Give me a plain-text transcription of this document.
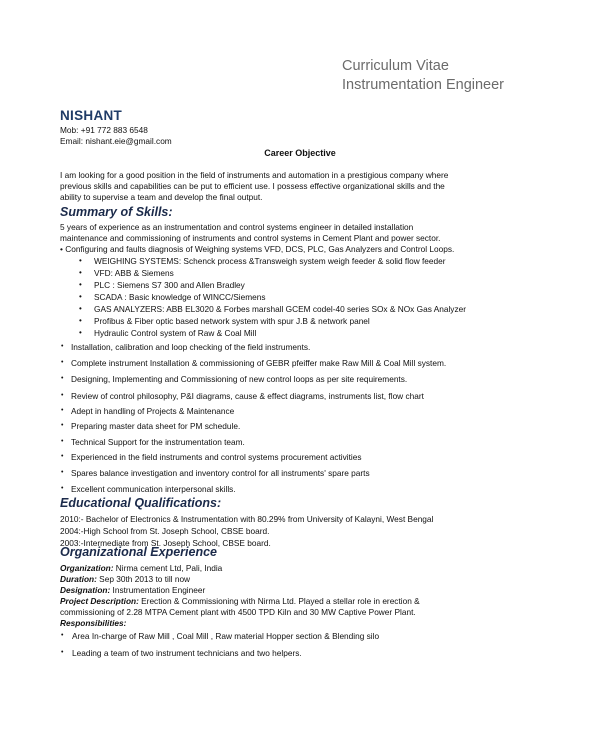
Curriculum Vitae
Instrumentation Engineer
NISHANT
Mob: +91 772 883 6548
Email: nishant.eie@gmail.com
Career Objective
I am looking for a good position in the field of instruments and automation in a prestigious company where
previous skills and capabilities can be put to efficient use. I possess effective organizational skills and the
ability to supervise a team and develop the final output.
Summary of Skills:
5 years of experience as an instrumentation and control systems engineer in detailed installation
maintenance and commissioning of instruments and control systems in Cement Plant and power sector.
• Configuring and faults diagnosis of Weighing systems VFD, DCS, PLC, Gas Analyzers and Control Loops.
• WEIGHING SYSTEMS: Schenck process &Transweigh system weigh feeder & solid flow feeder
• VFD: ABB & Siemens
• PLC : Siemens S7 300 and Allen Bradley
• SCADA : Basic knowledge of WINCC/Siemens
• GAS ANALYZERS: ABB EL3020 & Forbes marshall GCEM codel-40 series SOx & NOx Gas Analyzer
• Profibus & Fiber optic based network system with spur J.B & network panel
• Hydraulic Control system of Raw & Coal Mill
• Installation, calibration and loop checking of the field instruments.
• Complete instrument Installation & commissioning of GEBR pfeiffer make Raw Mill & Coal Mill system.
• Designing, Implementing and Commissioning of new control loops as per site requirements.
• Review of control philosophy, P&I diagrams, cause & effect diagrams, instruments list, flow chart
• Adept in handling of Projects & Maintenance
• Preparing master data sheet for PM schedule.
• Technical Support for the instrumentation team.
• Experienced in the field instruments and control systems procurement activities
• Spares balance investigation and inventory control for all instruments' spare parts
• Excellent communication interpersonal skills.
Educational Qualifications:
2010:- Bachelor of Electronics & Instrumentation with 80.29% from University of Kalayni, West Bengal
2004:-High School from St. Joseph School, CBSE board.
2003:-Intermediate from St. Joseph School, CBSE board.
Organizational Experience
Organization: Nirma cement Ltd, Pali, India
Duration: Sep 30th 2013 to till now
Designation: Instrumentation Engineer
Project Description: Erection & Commissioning with Nirma Ltd. Played a stellar role in erection &
commissioning of 2.28 MTPA Cement plant with 4500 TPD Kiln and 30 MW Captive Power Plant.
Responsibilities:
• Area In-charge of Raw Mill , Coal Mill , Raw material Hopper section & Blending silo
• Leading a team of two instrument technicians and two helpers.
